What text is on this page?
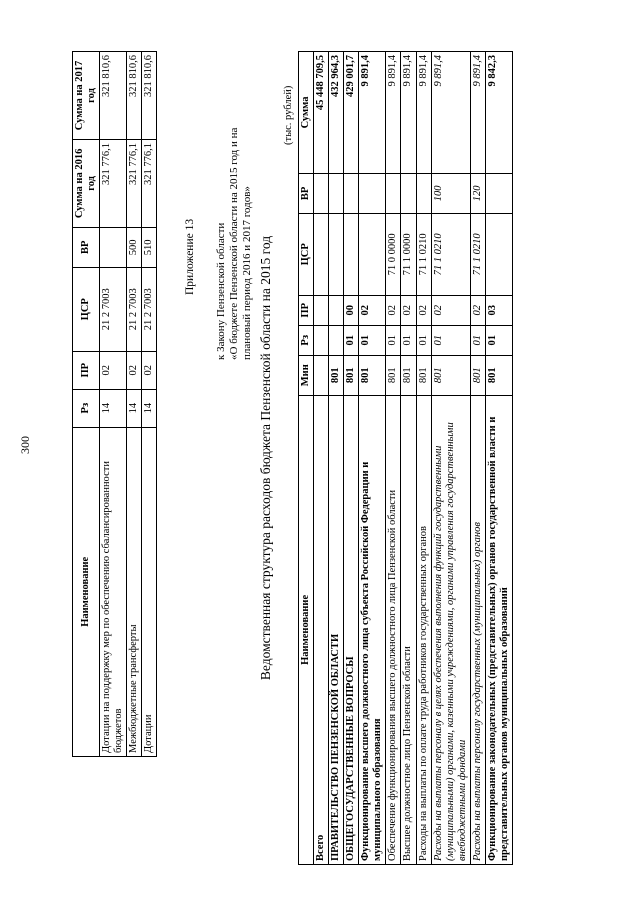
300
Наименование	Рз	ПР	ЦСР	ВР	Сумма на 2016 год	Сумма на 2017 год
Дотации на поддержку мер по обеспечению сбалансированности бюджетов	14	02	21 2 7003		321 776,1	321 810,6
Межбюджетные трансферты	14	02	21 2 7003	500	321 776,1	321 810,6
Дотации	14	02	21 2 7003	510	321 776,1	321 810,6
Приложение 13 к Закону Пензенской области «О бюджете Пензенской области на 2015 год и на плановый период 2016 и 2017 годов» Ведомственная структура расходов бюджета Пензенской области на 2015 год
(тыс. рублей)
Наименование	Мин	Рз	ПР	ЦСР	ВР	Сумма
Всего						45 448 709,5
ПРАВИТЕЛЬСТВО ПЕНЗЕНСКОЙ ОБЛАСТИ	801					432 964,3
ОБЩЕГОСУДАРСТВЕННЫЕ ВОПРОСЫ	801	01	00			429 001,7
Функционирование высшего должностного лица субъекта Российской Федерации и муниципального образования	801	01	02			9 891,4
Обеспечение функционирования высшего должностного лица Пензенской области	801	01	02	71 0 0000		9 891,4
Высшее должностное лицо Пензенской области	801	01	02	71 1 0000		9 891,4
Расходы на выплаты по оплате труда работников государственных органов	801	01	02	71 1 0210		9 891,4
Расходы на выплаты персоналу в целях обеспечения выполнения функций государственными (муниципальными) органами, казенными учреждениями, органами управления государственными внебюджетными фондами	801	01	02	71 1 0210	100	9 891,4
Расходы на выплаты персоналу государственных (муниципальных) органов	801	01	02	71 1 0210	120	9 891,4
Функционирование законодательных (представительных) органов государственной власти и представительных органов муниципальных образований	801	01	03			9 842,3
